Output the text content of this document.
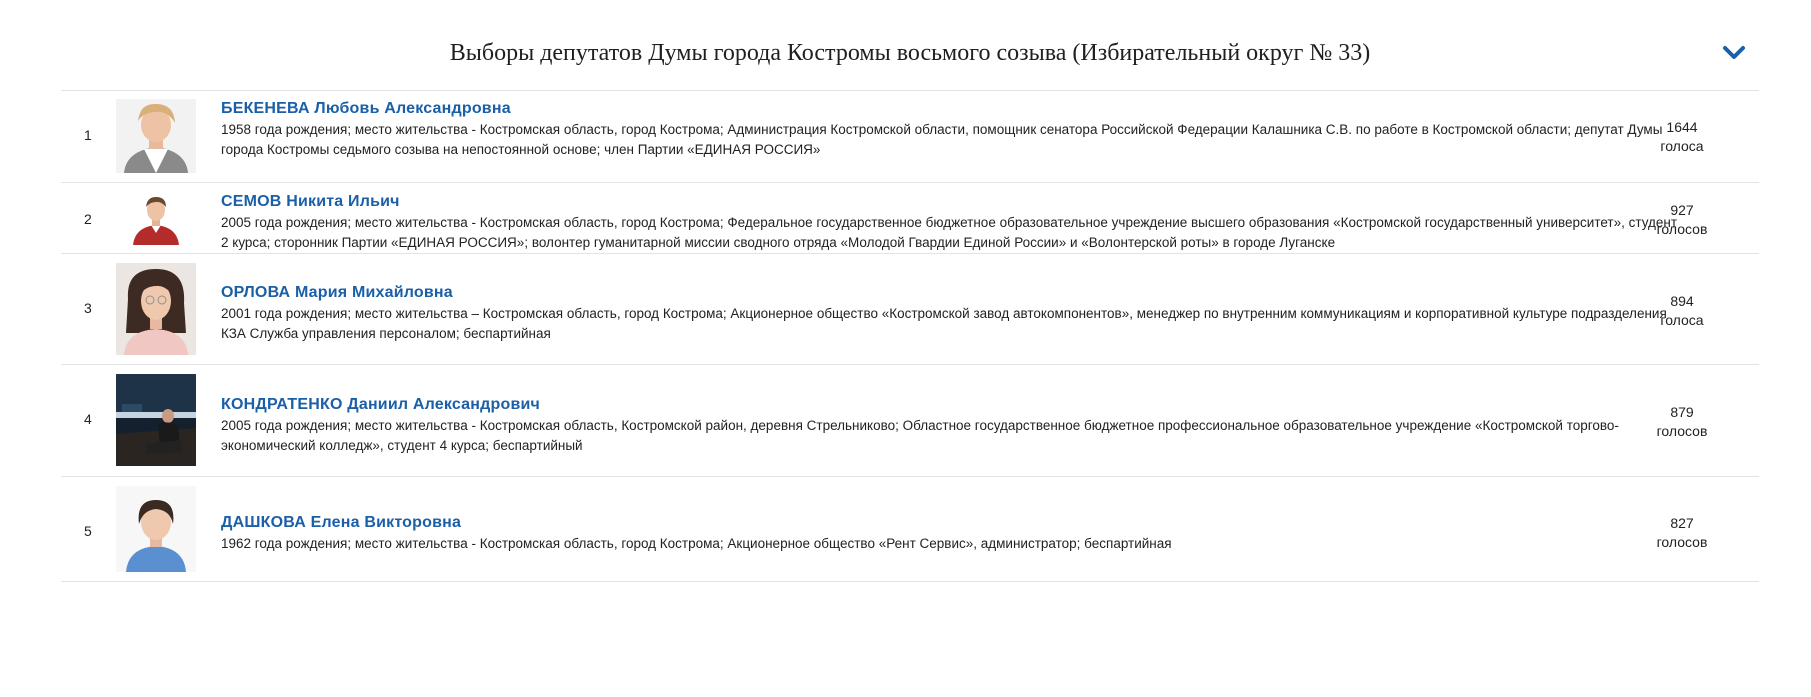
Выборы депутатов Думы города Костромы восьмого созыва (Избирательный округ № 33)
1
БЕКЕНЕВА Любовь Александровна
1958 года рождения; место жительства - Костромская область, город Кострома; Администрация Костромской области, помощник сенатора Российской Федерации Калашника С.В. по работе в Костромской области; депутат Думы города Костромы седьмого созыва на непостоянной основе; член Партии «ЕДИНАЯ РОССИЯ»
1644
голоса
2
СЕМОВ Никита Ильич
2005 года рождения; место жительства - Костромская область, город Кострома; Федеральное государственное бюджетное образовательное учреждение высшего образования «Костромской государственный университет», студент 2 курса; сторонник Партии «ЕДИНАЯ РОССИЯ»; волонтер гуманитарной миссии сводного отряда «Молодой Гвардии Единой России» и «Волонтерской роты» в городе Луганске
927
голосов
3
ОРЛОВА Мария Михайловна
2001 года рождения; место жительства – Костромская область, город Кострома; Акционерное общество «Костромской завод автокомпонентов», менеджер по внутренним коммуникациям и корпоративной культуре подразделения КЗА Служба управления персоналом; беспартийная
894
голоса
4
КОНДРАТЕНКО Даниил Александрович
2005 года рождения; место жительства - Костромская область, Костромской район, деревня Стрельниково; Областное государственное бюджетное профессиональное образовательное учреждение «Костромской торгово-экономический колледж», студент 4 курса; беспартийный
879
голосов
5	ДАШКОВА Елена Викторовна
1962 года рождения; место жительства - Костромская область, город Кострома; Акционерное общество «Рент Сервис», администратор; беспартийная
827
голосов
